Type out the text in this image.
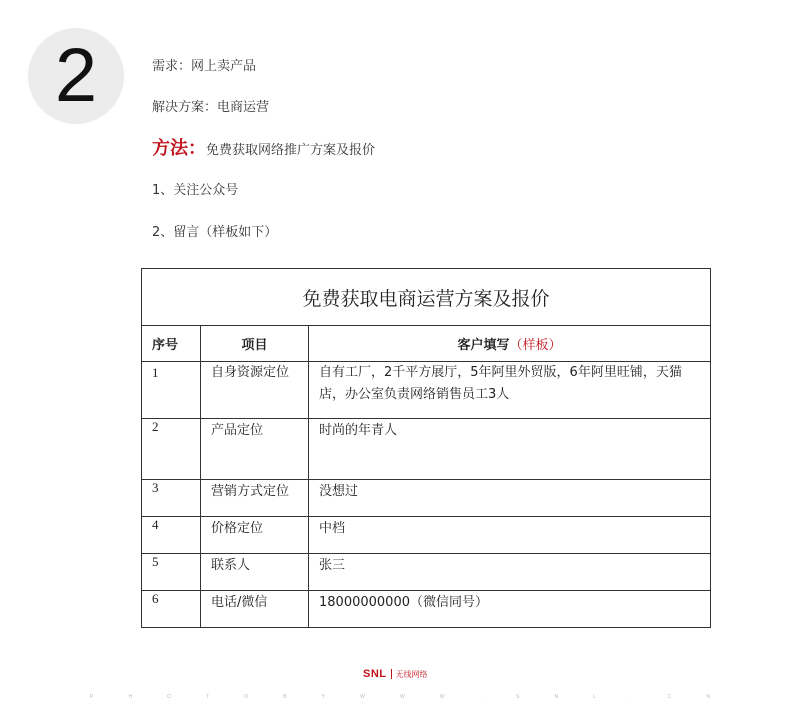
2	需求：网上卖产品
解决方案：电商运营
方法：免费获取网络推广方案及报价
1、关注公众号
2、留言（样板如下）
免费获取电商运营方案及报价		
序号	项目	客户填写（样板）
1	自身资源定位	自有工厂，2千平方展厅，5年阿里外贸版，6年阿里旺铺，天猫店，办公室负责网络销售员工3人
2	产品定位	时尚的年青人
3	营销方式定位	没想过
4	价格定位	中档
5	联系人	张三
6	电话/微信	18000000000（微信同号）
SNL 无线网络
P	H	O	T	O	B	Y	W	W	W	.	S	N	L	.	C	N
